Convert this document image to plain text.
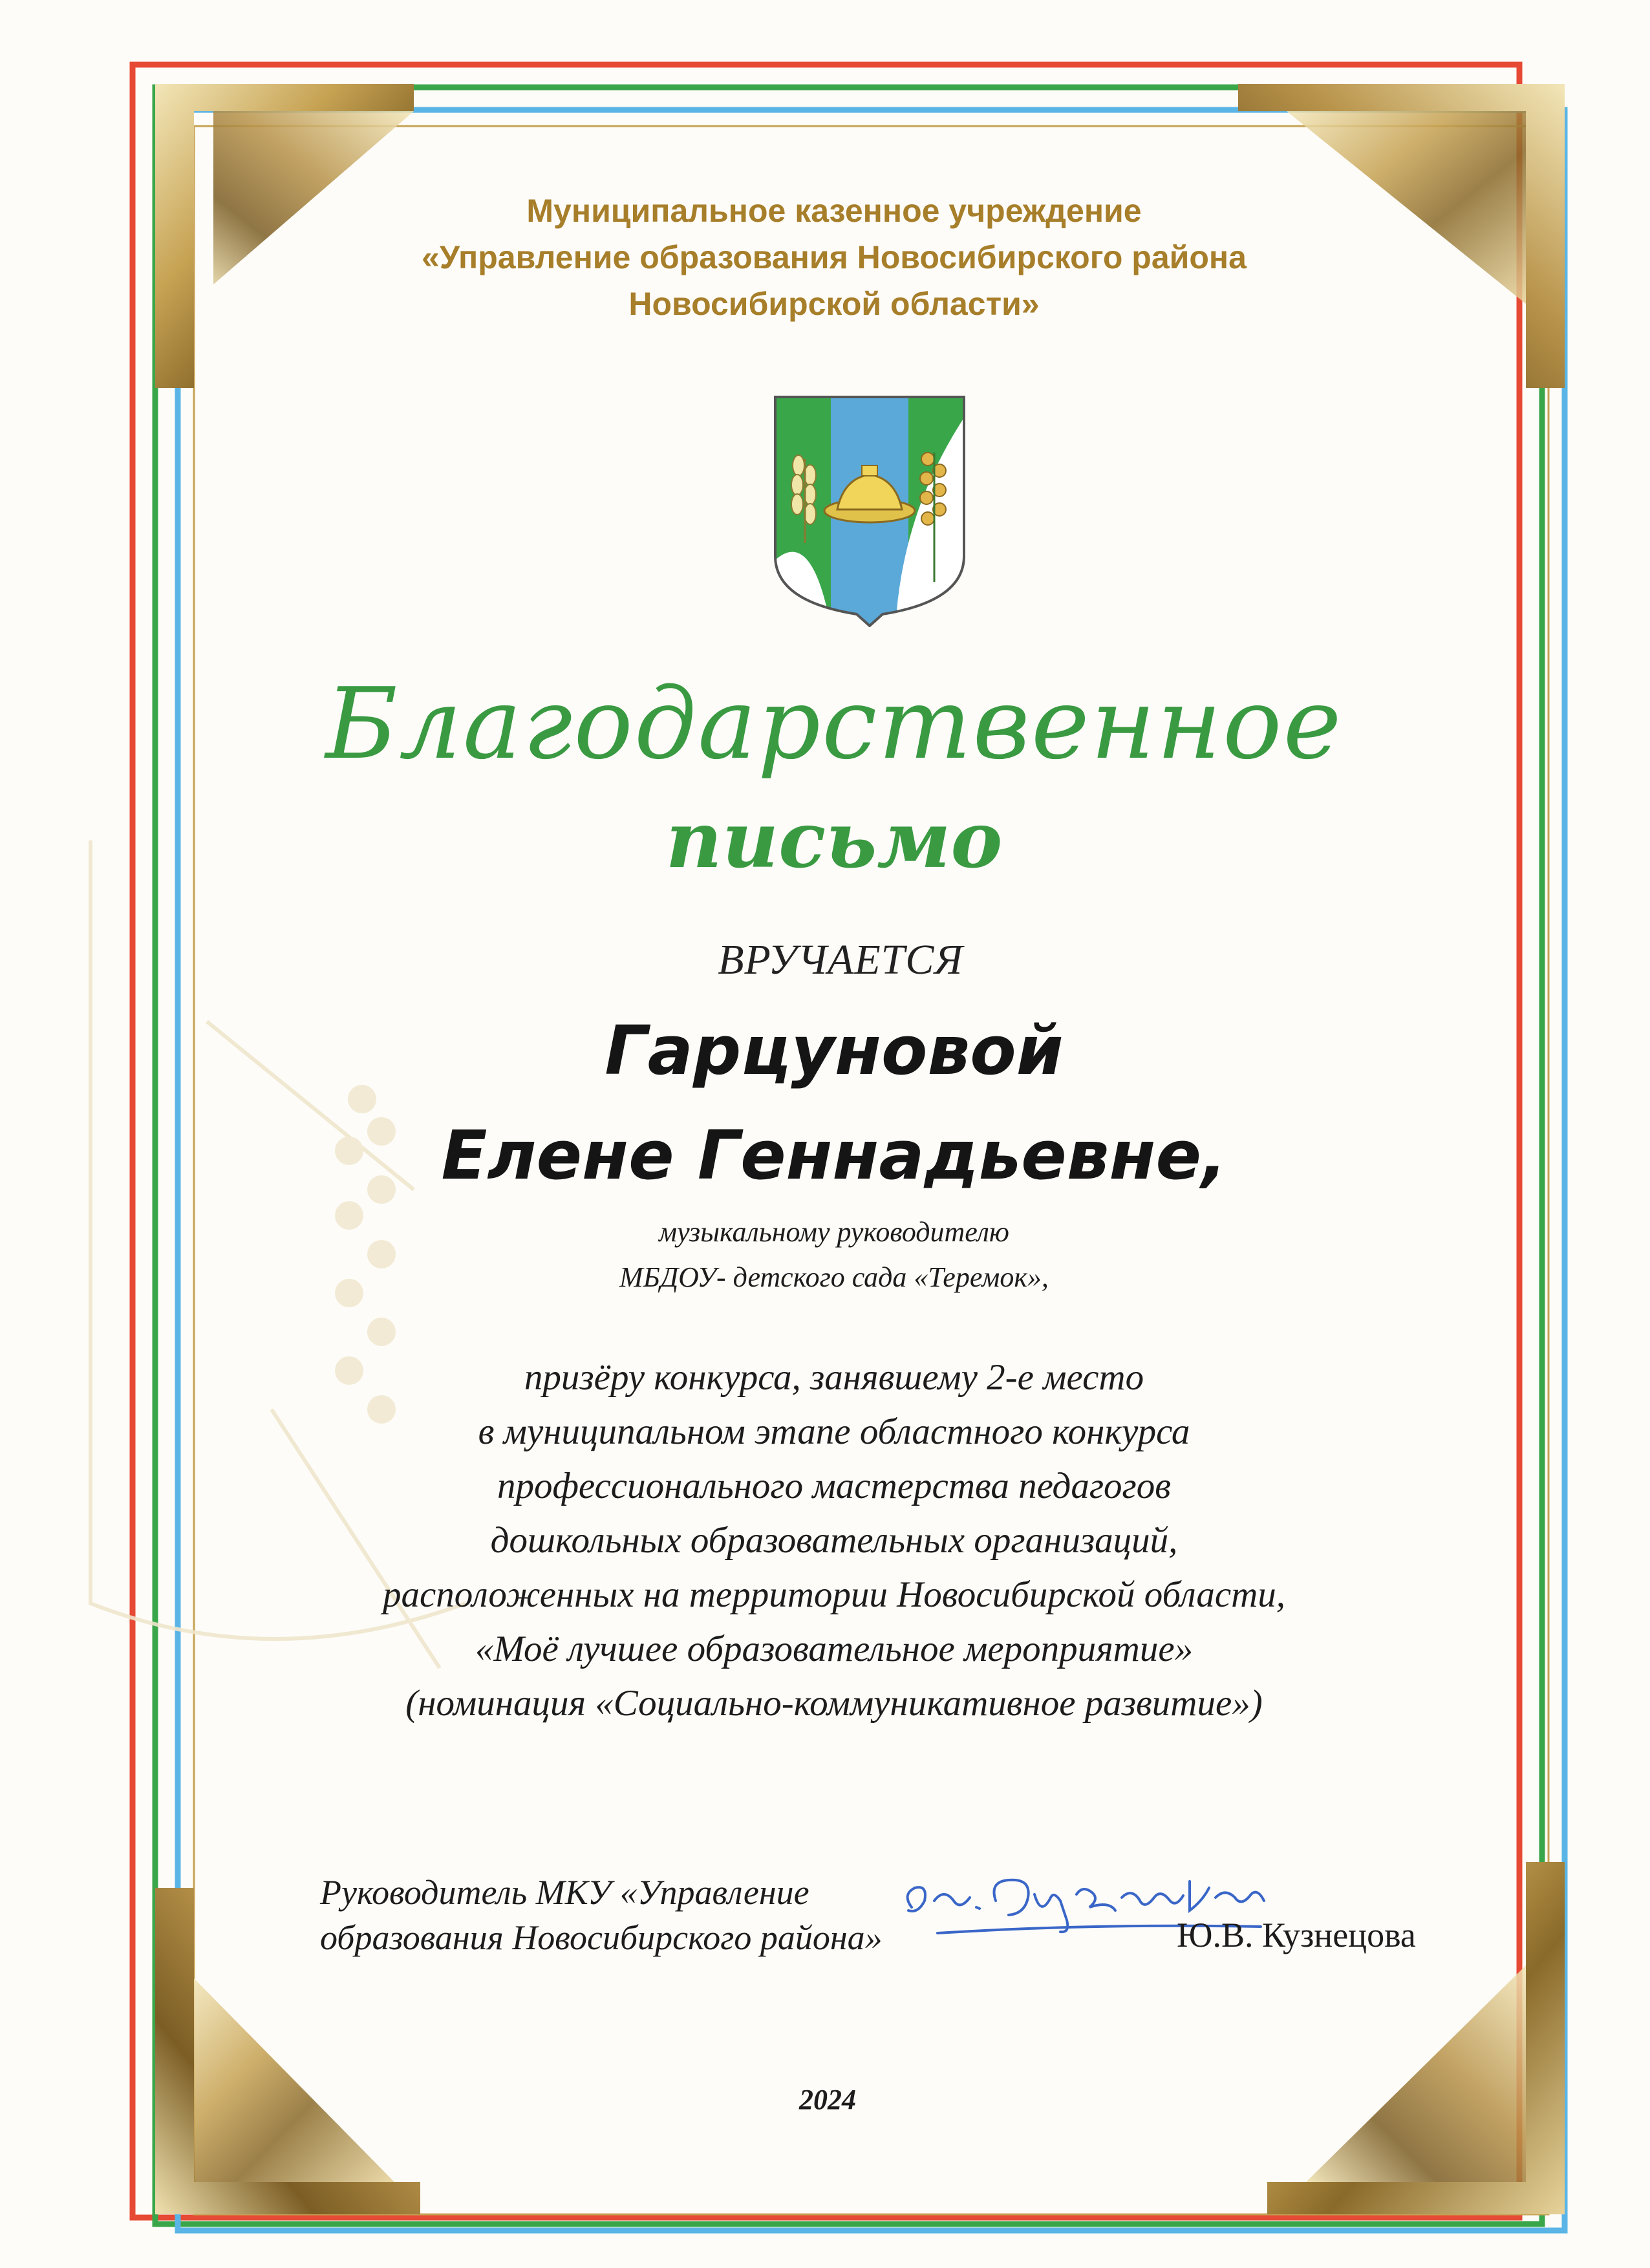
Муниципальное казенное учреждение
«Управление образования Новосибирского района
Новосибирской области»
Благодарственное
письмо
ВРУЧАЕТСЯ
Гарцуновой
Елене Геннадьевне,
музыкальному руководителю
МБДОУ- детского сада «Теремок»,
призёру конкурса, занявшему 2-е место
в муниципальном этапе областного конкурса
профессионального мастерства педагогов
дошкольных образовательных организаций,
расположенных на территории Новосибирской области,
«Моё лучшее образовательное мероприятие»
(номинация «Социально-коммуникативное развитие»)
Руководитель МКУ «Управление
образования Новосибирского района»	Ю.В. Кузнецова
2024
